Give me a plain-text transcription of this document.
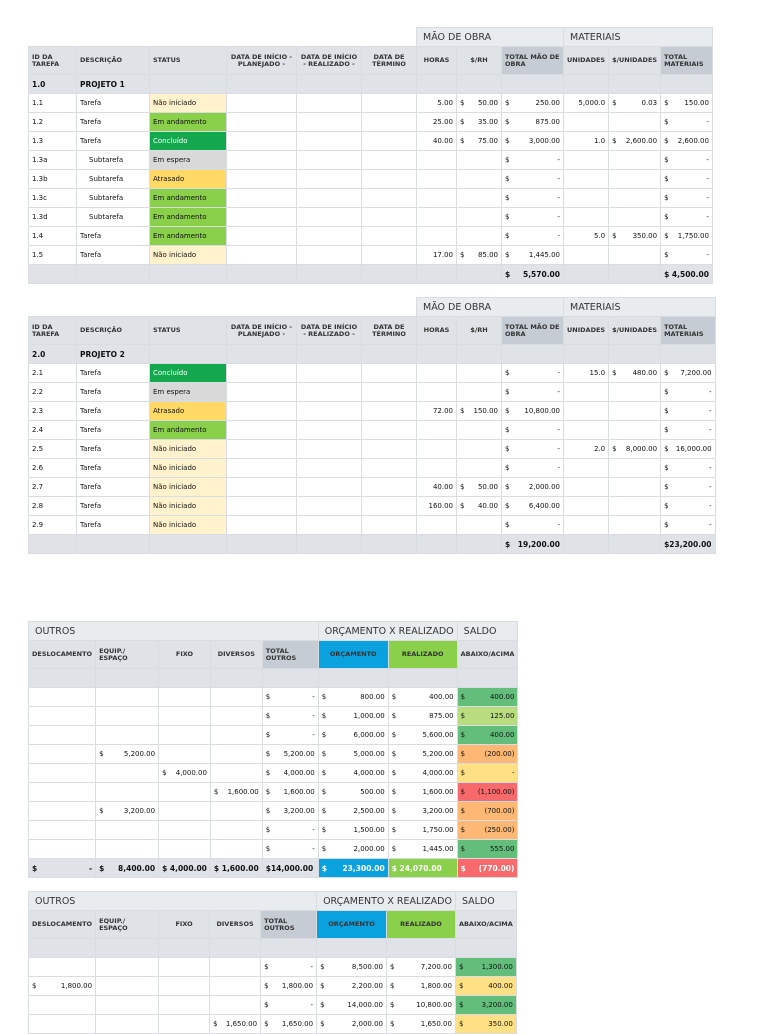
						MÃO DE OBRA			MATERIAIS		
ID DA TAREFA	DESCRIÇÃO	STATUS	DATA DE INÍCIO - PLANEJADO -	DATA DE INÍCIO - REALIZADO -	DATA DE TÉRMINO	HORAS	$/RH	TOTAL MÃO DE OBRA	UNIDADES	$/UNIDADES	TOTAL MATERIAIS
1.0	PROJETO 1										
1.1	Tarefa	Não iniciado				5.00	$ 50.00	$ 250.00	5,000.0	$ 0.03	$ 150.00

1.2	Tarefa	Em andamento				25.00	$ 35.00	$ 875.00			$ -

1.3	Tarefa	Concluído				40.00	$ 75.00	$ 3,000.00	1.0	$ 2,600.00	$ 2,600.00

1.3a	Subtarefa	Em espera						$ -			$ -

1.3b	Subtarefa	Atrasado						$ -			$ -

1.3c	Subtarefa	Em andamento						$ -			$ -

1.3d	Subtarefa	Em andamento						$ -			$ -

1.4	Tarefa	Em andamento						$ -	5.0	$ 350.00	$ 1,750.00

1.5	Tarefa	Não iniciado				17.00	$ 85.00	$ 1,445.00			$ -

								$ 5,570.00			$ 4,500.00
						MÃO DE OBRA			MATERIAIS		
ID DA TAREFA	DESCRIÇÃO	STATUS	DATA DE INÍCIO - PLANEJADO -	DATA DE INÍCIO - REALIZADO -	DATA DE TÉRMINO	HORAS	$/RH	TOTAL MÃO DE OBRA	UNIDADES	$/UNIDADES	TOTAL MATERIAIS
2.0	PROJETO 2										
2.1	Tarefa	Concluído						$ -	15.0	$ 480.00	$ 7,200.00

2.2	Tarefa	Em espera						$ -			$ -

2.3	Tarefa	Atrasado				72.00	$ 150.00	$ 10,800.00			$ -

2.4	Tarefa	Em andamento						$ -			$ -

2.5	Tarefa	Não iniciado						$ -	2.0	$ 8,000.00	$ 16,000.00

2.6	Tarefa	Não iniciado						$ -			$ -

2.7	Tarefa	Não iniciado				40.00	$ 50.00	$ 2,000.00			$ -

2.8	Tarefa	Não iniciado				160.00	$ 40.00	$ 6,400.00			$ -

2.9	Tarefa	Não iniciado						$ -			$ -

								$ 19,200.00			$23,200.00
OUTROS					ORÇAMENTO X REALIZADO		SALDO
DESLOCAMENTO	EQUIP./ ESPAÇO	FIXO	DIVERSOS	TOTAL OUTROS	ORÇAMENTO	REALIZADO	ABAIXO/ACIMA

				$ -	$ 800.00	$ 400.00	$ 400.00

				$ -	$ 1,000.00	$ 875.00	$ 125.00

				$ -	$ 6,000.00	$ 5,600.00	$ 400.00

	$ 5,200.00			$ 5,200.00	$ 5,000.00	$ 5,200.00	$ (200.00)

		$ 4,000.00		$ 4,000.00	$ 4,000.00	$ 4,000.00	$ -

			$ 1,600.00	$ 1,600.00	$ 500.00	$ 1,600.00	$ (1,100.00)

	$ 3,200.00			$ 3,200.00	$ 2,500.00	$ 3,200.00	$ (700.00)

				$ -	$ 1,500.00	$ 1,750.00	$ (250.00)

				$ -	$ 2,000.00	$ 1,445.00	$ 555.00

$ -	$ 8,400.00	$ 4,000.00	$ 1,600.00	$14,000.00	$ 23,300.00	$ 24,070.00	$ (770.00)
OUTROS					ORÇAMENTO X REALIZADO		SALDO
DESLOCAMENTO	EQUIP./ ESPAÇO	FIXO	DIVERSOS	TOTAL OUTROS	ORÇAMENTO	REALIZADO	ABAIXO/ACIMA

				$ -	$ 8,500.00	$ 7,200.00	$ 1,300.00

$ 1,800.00				$ 1,800.00	$ 2,200.00	$ 1,800.00	$ 400.00

				$ -	$ 14,000.00	$ 10,800.00	$ 3,200.00

			$ 1,650.00	$ 1,650.00	$ 2,000.00	$ 1,650.00	$ 350.00
